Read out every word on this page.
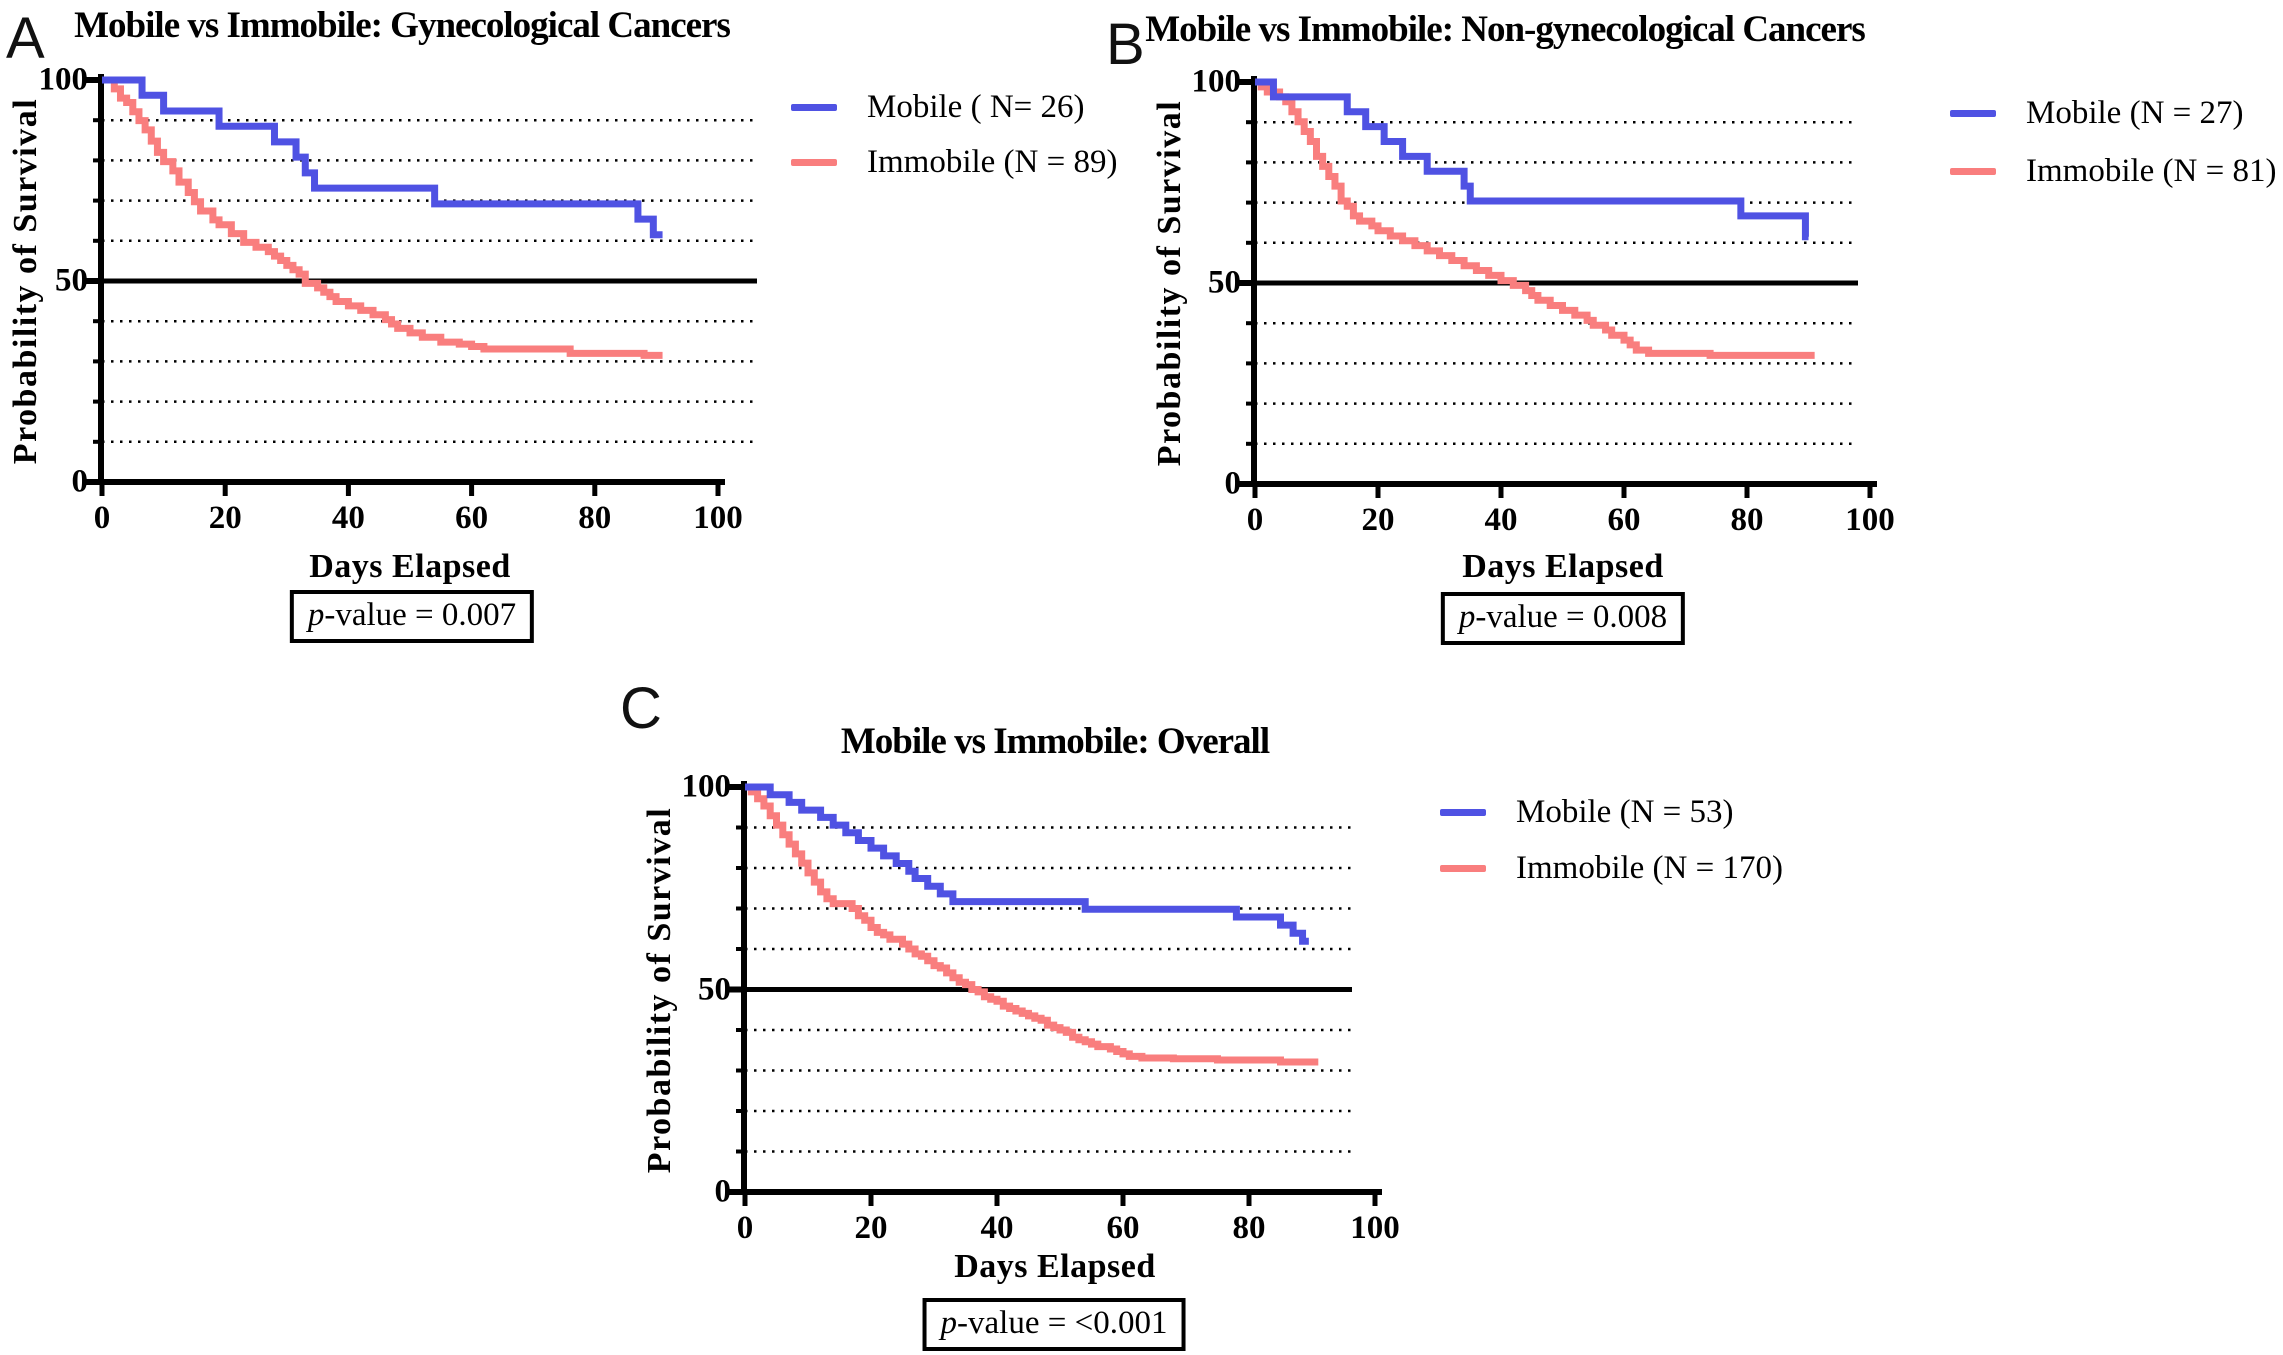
A Mobile vs Immobile: Gynecological Cancers
Probability of Survival
Days Elapsed
Mobile ( N= 26)
Immobile (N = 89)
p-value = 0.007
B Mobile vs Immobile: Non-gynecological Cancers
Probability of Survival
Days Elapsed
Mobile (N = 27)
Immobile (N = 81)
p-value = 0.008
C
Mobile vs Immobile: Overall
Probability of Survival
Days Elapsed
Mobile (N = 53)
Immobile (N = 170)
p-value = <0.001
0
50
100
0	20	40	60	80 100
0
50
100
0	20	40	60	80 100
0
50
100
0	20	40	60	80	100
